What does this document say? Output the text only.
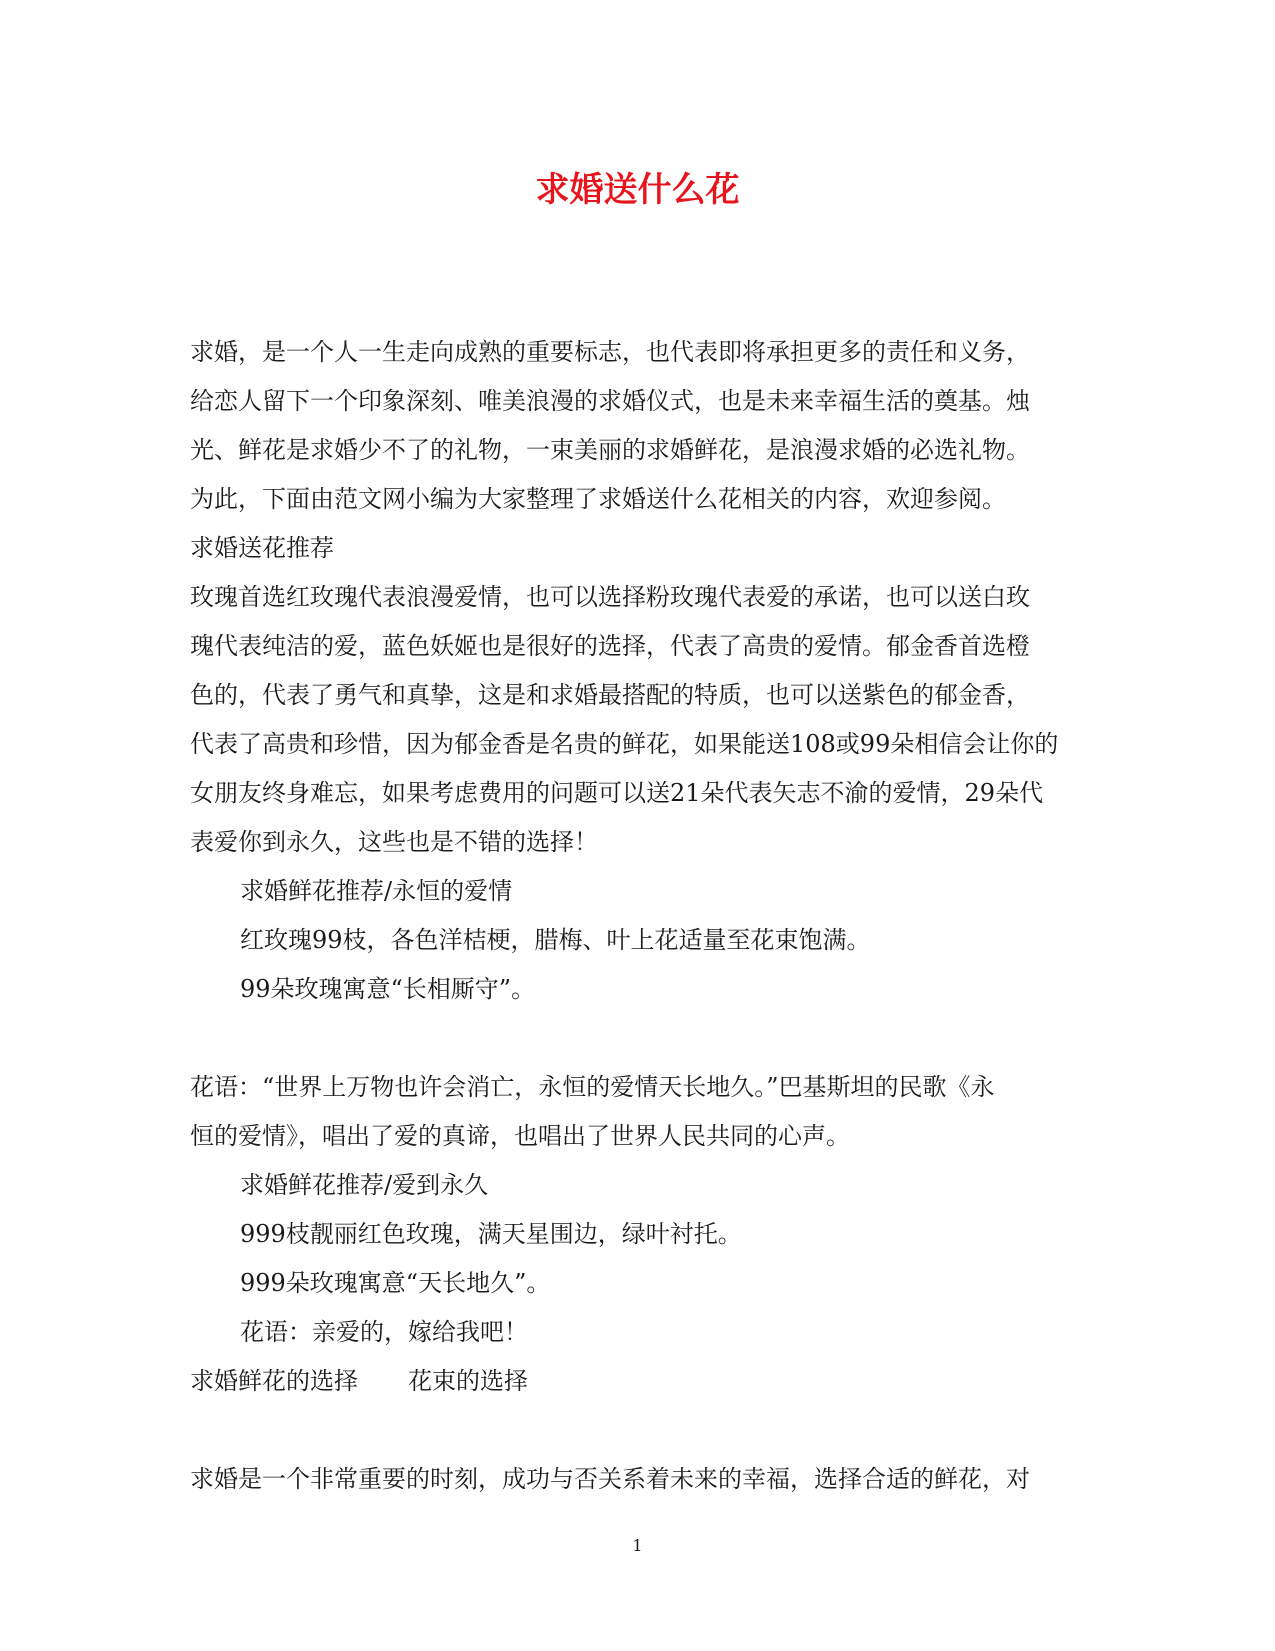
求婚送什么花

求婚，是一个人一生走向成熟的重要标志，也代表即将承担更多的责任和义务，

给恋人留下一个印象深刻、唯美浪漫的求婚仪式，也是未来幸福生活的奠基。烛

光、鲜花是求婚少不了的礼物，一束美丽的求婚鲜花，是浪漫求婚的必选礼物。

为此，下面由范文网小编为大家整理了求婚送什么花相关的内容，欢迎参阅。

求婚送花推荐

玫瑰首选红玫瑰代表浪漫爱情，也可以选择粉玫瑰代表爱的承诺，也可以送白玫

瑰代表纯洁的爱，蓝色妖姬也是很好的选择，代表了高贵的爱情。郁金香首选橙

色的，代表了勇气和真挚，这是和求婚最搭配的特质，也可以送紫色的郁金香，

代表了高贵和珍惜，因为郁金香是名贵的鲜花，如果能送108或99朵相信会让你的

女朋友终身难忘，如果考虑费用的问题可以送21朵代表矢志不渝的爱情，29朵代

表爱你到永久，这些也是不错的选择！

求婚鲜花推荐/永恒的爱情

红玫瑰99枝，各色洋桔梗，腊梅、叶上花适量至花束饱满。

99朵玫瑰寓意“长相厮守”。

花语：“世界上万物也许会消亡，永恒的爱情天长地久。”巴基斯坦的民歌《永

恒的爱情》，唱出了爱的真谛，也唱出了世界人民共同的心声。

求婚鲜花推荐/爱到永久

999枝靓丽红色玫瑰，满天星围边，绿叶衬托。

999朵玫瑰寓意“天长地久”。

花语：亲爱的，嫁给我吧！

求婚鲜花的选择 花束的选择

求婚是一个非常重要的时刻，成功与否关系着未来的幸福，选择合适的鲜花，对

1
